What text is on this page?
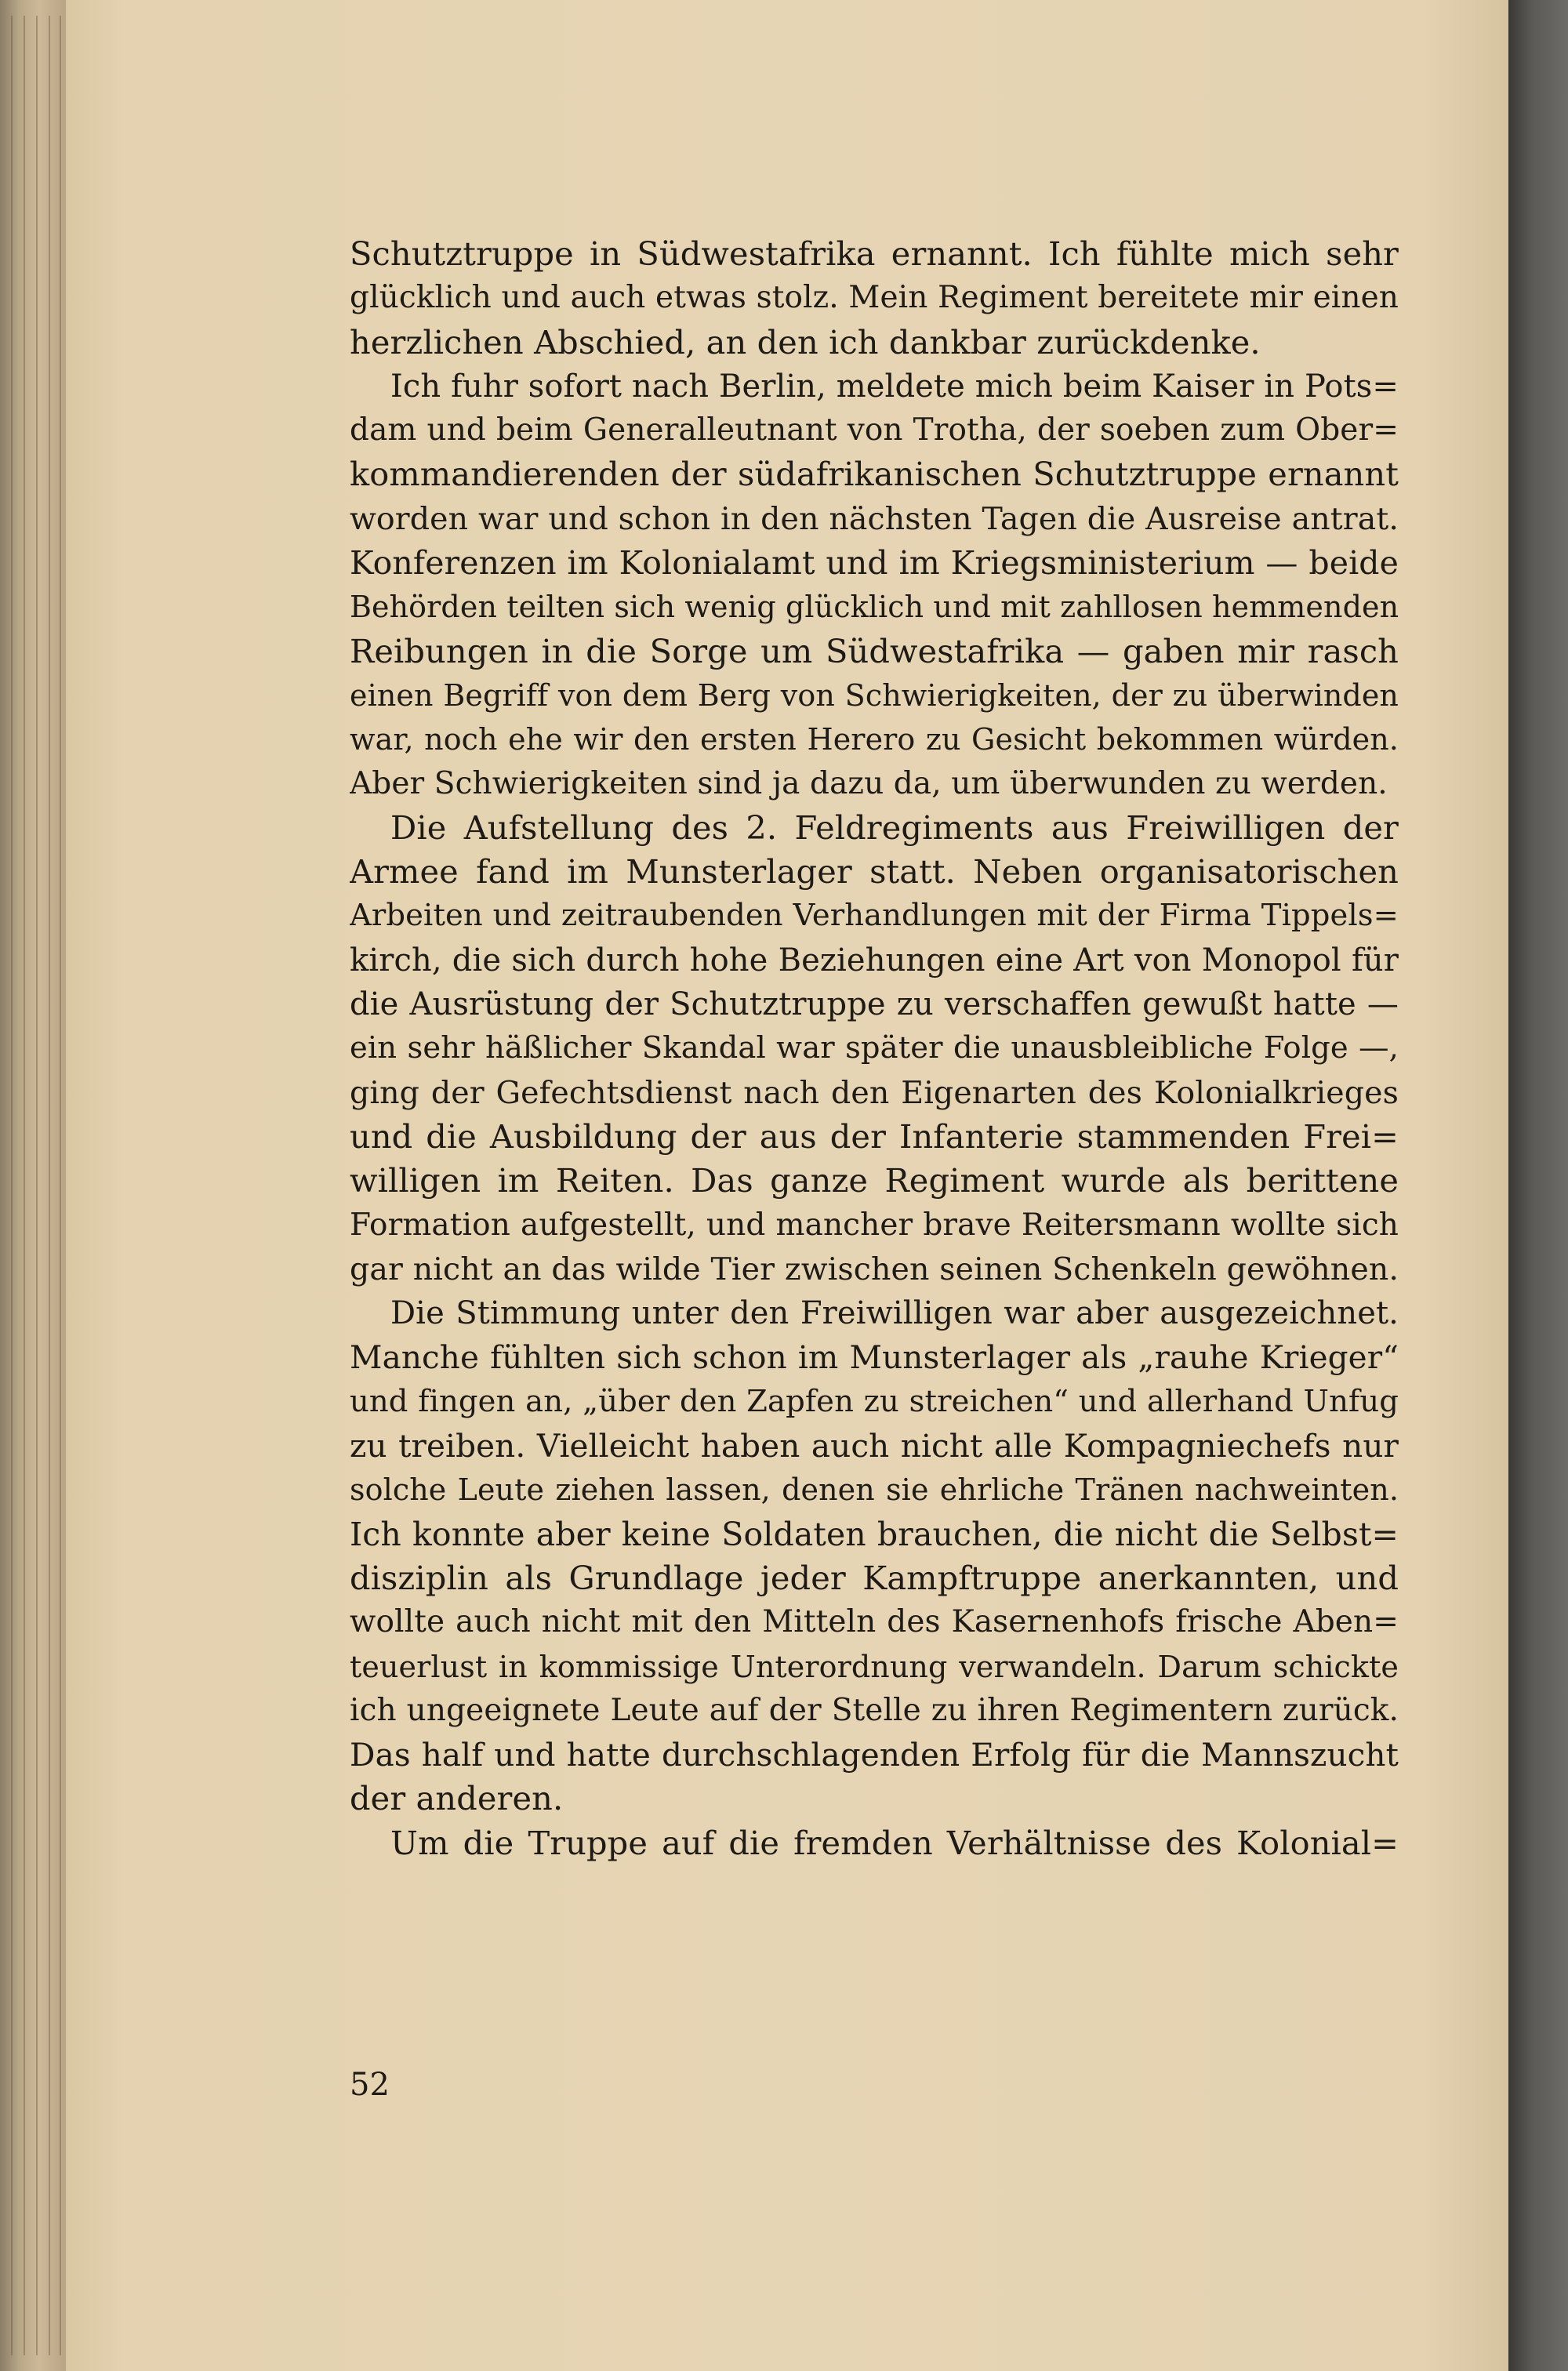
Schutztruppe in Südwestafrika ernannt. Ich fühlte mich sehr
glücklich und auch etwas stolz. Mein Regiment bereitete mir einen
herzlichen Abschied, an den ich dankbar zurückdenke.
Ich fuhr sofort nach Berlin, meldete mich beim Kaiser in Pots=
dam und beim Generalleutnant von Trotha, der soeben zum Ober=
kommandierenden der südafrikanischen Schutztruppe ernannt
worden war und schon in den nächsten Tagen die Ausreise antrat.
Konferenzen im Kolonialamt und im Kriegsministerium — beide
Behörden teilten sich wenig glücklich und mit zahllosen hemmenden
Reibungen in die Sorge um Südwestafrika — gaben mir rasch
einen Begriff von dem Berg von Schwierigkeiten, der zu überwinden
war, noch ehe wir den ersten Herero zu Gesicht bekommen würden.
Aber Schwierigkeiten sind ja dazu da, um überwunden zu werden.
Die Aufstellung des 2. Feldregiments aus Freiwilligen der
Armee fand im Munsterlager statt. Neben organisatorischen
Arbeiten und zeitraubenden Verhandlungen mit der Firma Tippels=
kirch, die sich durch hohe Beziehungen eine Art von Monopol für
die Ausrüstung der Schutztruppe zu verschaffen gewußt hatte —
ein sehr häßlicher Skandal war später die unausbleibliche Folge —,
ging der Gefechtsdienst nach den Eigenarten des Kolonialkrieges
und die Ausbildung der aus der Infanterie stammenden Frei=
willigen im Reiten. Das ganze Regiment wurde als berittene
Formation aufgestellt, und mancher brave Reitersmann wollte sich
gar nicht an das wilde Tier zwischen seinen Schenkeln gewöhnen.
Die Stimmung unter den Freiwilligen war aber ausgezeichnet.
Manche fühlten sich schon im Munsterlager als „rauhe Krieger“
und fingen an, „über den Zapfen zu streichen“ und allerhand Unfug
zu treiben. Vielleicht haben auch nicht alle Kompagniechefs nur
solche Leute ziehen lassen, denen sie ehrliche Tränen nachweinten.
Ich konnte aber keine Soldaten brauchen, die nicht die Selbst=
disziplin als Grundlage jeder Kampftruppe anerkannten, und
wollte auch nicht mit den Mitteln des Kasernenhofs frische Aben=
teuerlust in kommissige Unterordnung verwandeln. Darum schickte
ich ungeeignete Leute auf der Stelle zu ihren Regimentern zurück.
Das half und hatte durchschlagenden Erfolg für die Mannszucht
der anderen.
Um die Truppe auf die fremden Verhältnisse des Kolonial=
52
